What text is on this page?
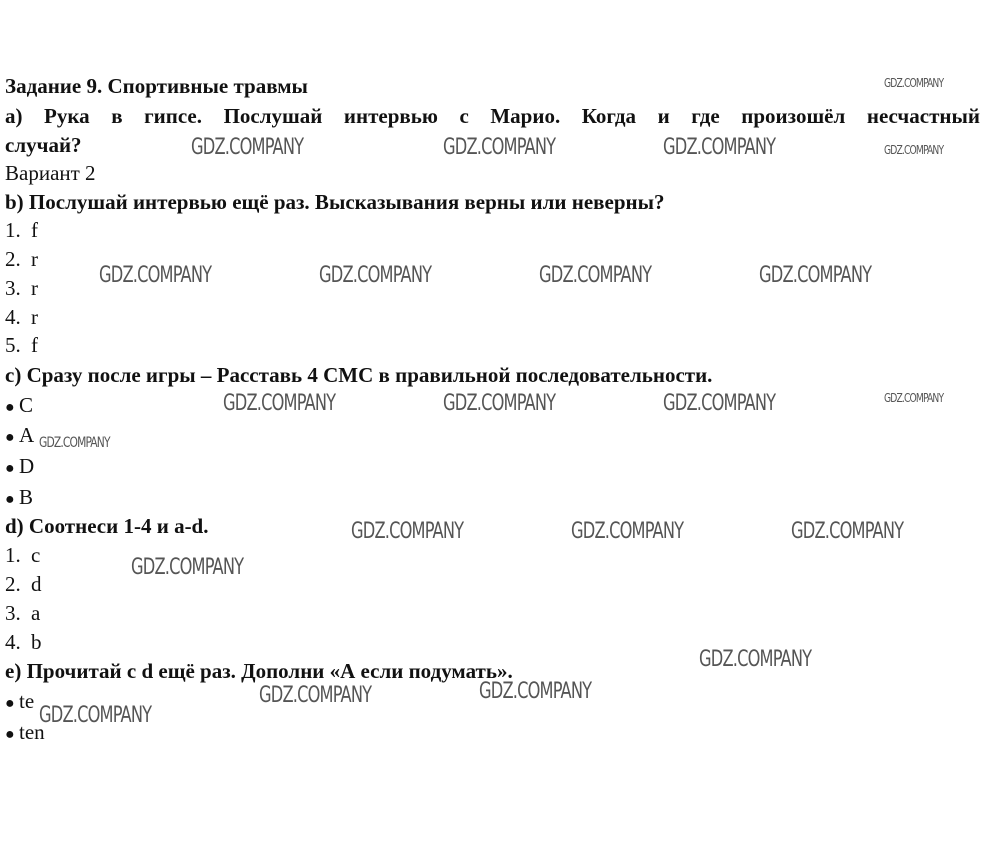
Задание 9. Спортивные травмы
a) Рука в гипсе. Послушай интервью с Марио. Когда и где произошёл несчастный
случай?
Вариант 2
b) Послушай интервью ещё раз. Высказывания верны или неверны?
1. f
2. r
3. r
4. r
5. f
c) Сразу после игры – Расставь 4 СМС в правильной последовательности.
● C
● A
● D
● B
d) Соотнеси 1-4 и a-d.
1. c
2. d
3. a
4. b
e) Прочитай с d ещё раз. Дополни «А если подумать».
● te
● ten
GDZ.COMPANY
GDZ.COMPANY	GDZ.COMPANY	GDZ.COMPANY	GDZ.COMPANY
GDZ.COMPANY	GDZ.COMPANY	GDZ.COMPANY	GDZ.COMPANY
GDZ.COMPANY
GDZ.COMPANY	GDZ.COMPANY	GDZ.COMPANY
GDZ.COMPANY
GDZ.COMPANY	GDZ.COMPANY	GDZ.COMPANY
GDZ.COMPANY
GDZ.COMPANY
GDZ.COMPANY	GDZ.COMPANY
GDZ.COMPANY
